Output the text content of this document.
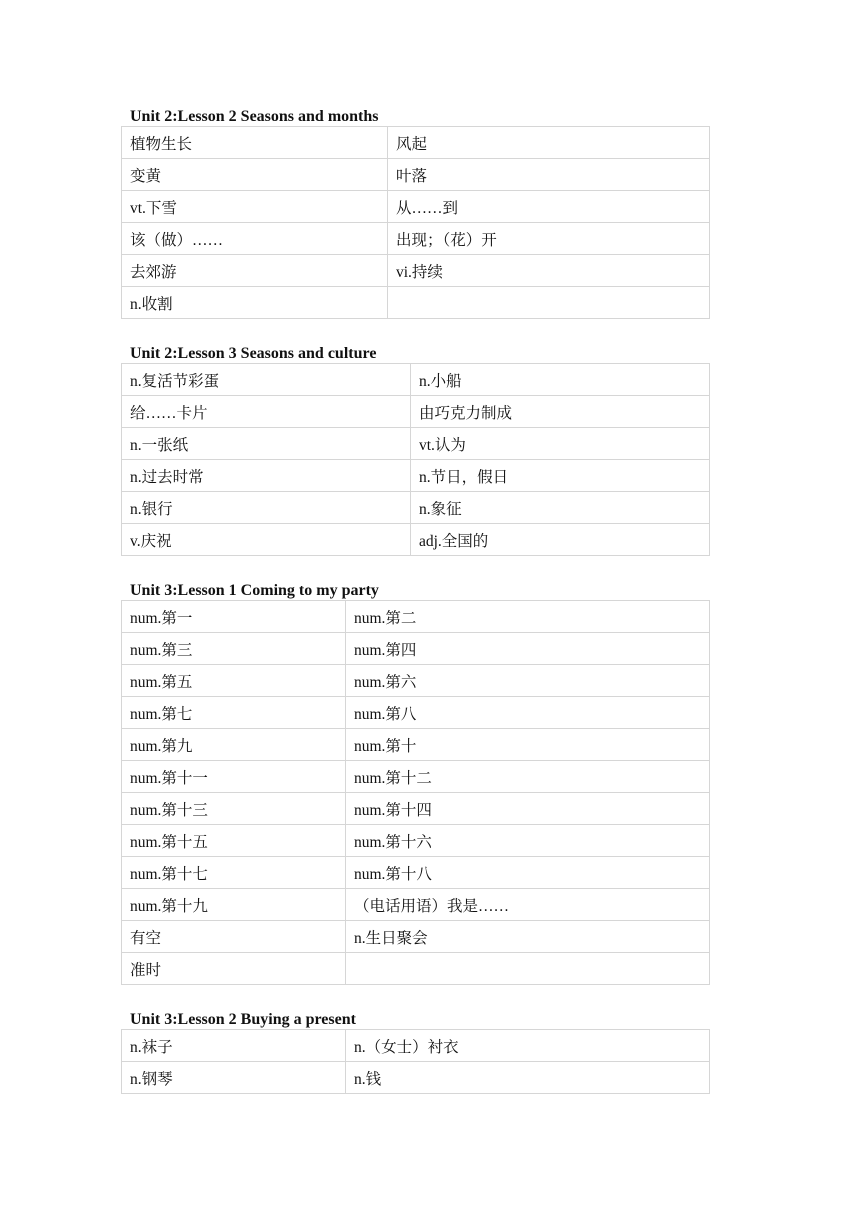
Unit 2:Lesson 2 Seasons and months
植物生长	风起
变黄	叶落
vt.下雪	从……到
该（做）……	出现；（花）开
去郊游	vi.持续
n.收割	
Unit 2:Lesson 3 Seasons and culture
n.复活节彩蛋	n.小船
给……卡片	由巧克力制成
n.一张纸	vt.认为
n.过去时常	n.节日，假日
n.银行	n.象征
v.庆祝	adj.全国的
Unit 3:Lesson 1 Coming to my party
num.第一	num.第二
num.第三	num.第四
num.第五	num.第六
num.第七	num.第八
num.第九	num.第十
num.第十一	num.第十二
num.第十三	num.第十四
num.第十五	num.第十六
num.第十七	num.第十八
num.第十九	（电话用语）我是……
有空	n.生日聚会
准时	
Unit 3:Lesson 2 Buying a present
n.袜子	n.（女士）衬衣
n.钢琴	n.钱
